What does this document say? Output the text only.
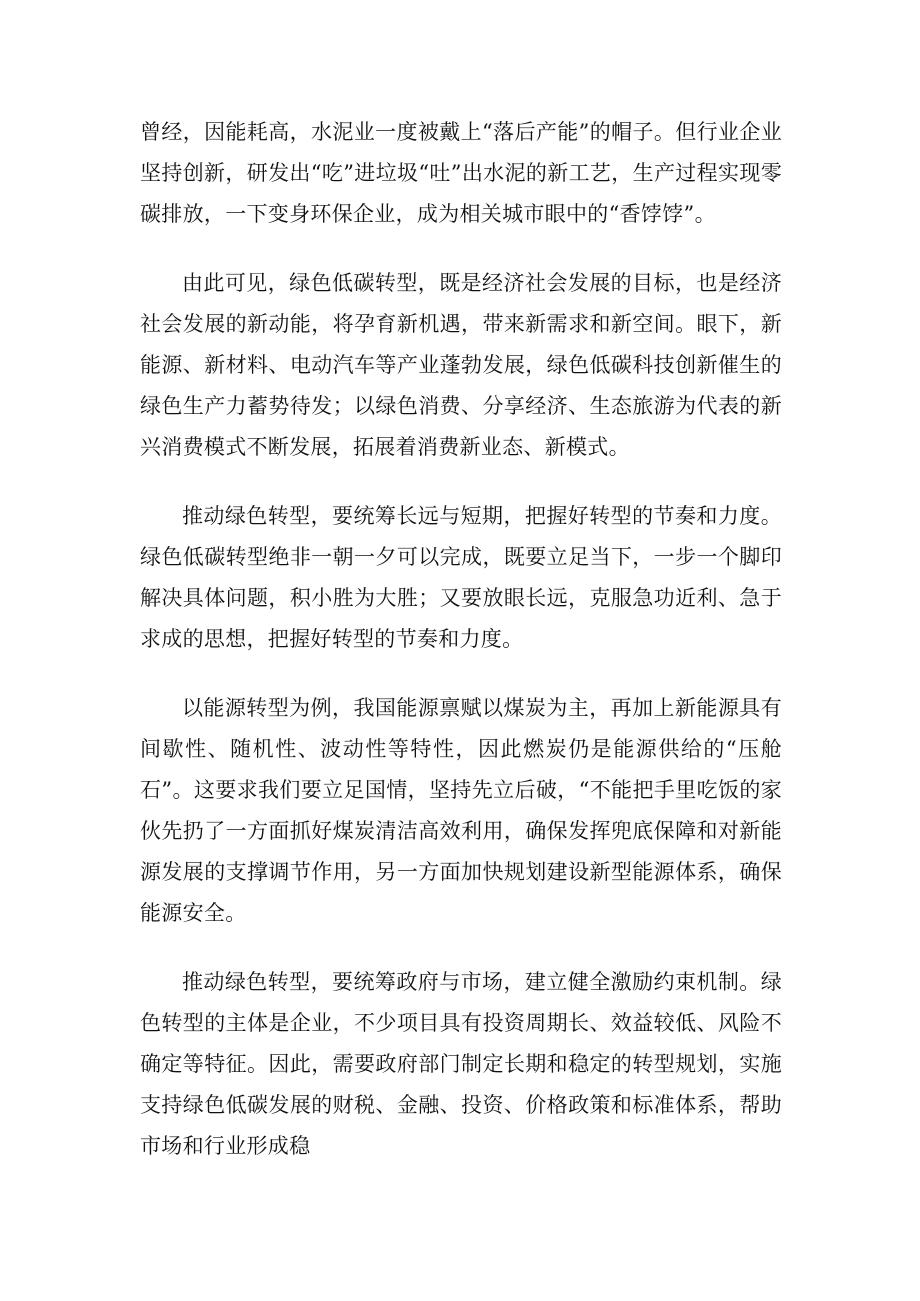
曾经，因能耗高，水泥业一度被戴上“落后产能”的帽子。但行业企业坚持创新，研发出“吃”进垃圾“吐”出水泥的新工艺，生产过程实现零碳排放，一下变身环保企业，成为相关城市眼中的“香饽饽”。

由此可见，绿色低碳转型，既是经济社会发展的目标，也是经济社会发展的新动能，将孕育新机遇，带来新需求和新空间。眼下，新能源、新材料、电动汽车等产业蓬勃发展，绿色低碳科技创新催生的绿色生产力蓄势待发；以绿色消费、分享经济、生态旅游为代表的新兴消费模式不断发展，拓展着消费新业态、新模式。

推动绿色转型，要统筹长远与短期，把握好转型的节奏和力度。绿色低碳转型绝非一朝一夕可以完成，既要立足当下，一步一个脚印解决具体问题，积小胜为大胜；又要放眼长远，克服急功近利、急于求成的思想，把握好转型的节奏和力度。

以能源转型为例，我国能源禀赋以煤炭为主，再加上新能源具有间歇性、随机性、波动性等特性，因此燃炭仍是能源供给的“压舱石”。这要求我们要立足国情，坚持先立后破，“不能把手里吃饭的家伙先扔了一方面抓好煤炭清洁高效利用，确保发挥兜底保障和对新能源发展的支撑调节作用，另一方面加快规划建设新型能源体系，确保能源安全。

推动绿色转型，要统筹政府与市场，建立健全激励约束机制。绿色转型的主体是企业，不少项目具有投资周期长、效益较低、风险不确定等特征。因此，需要政府部门制定长期和稳定的转型规划，实施支持绿色低碳发展的财税、金融、投资、价格政策和标准体系，帮助市场和行业形成稳
